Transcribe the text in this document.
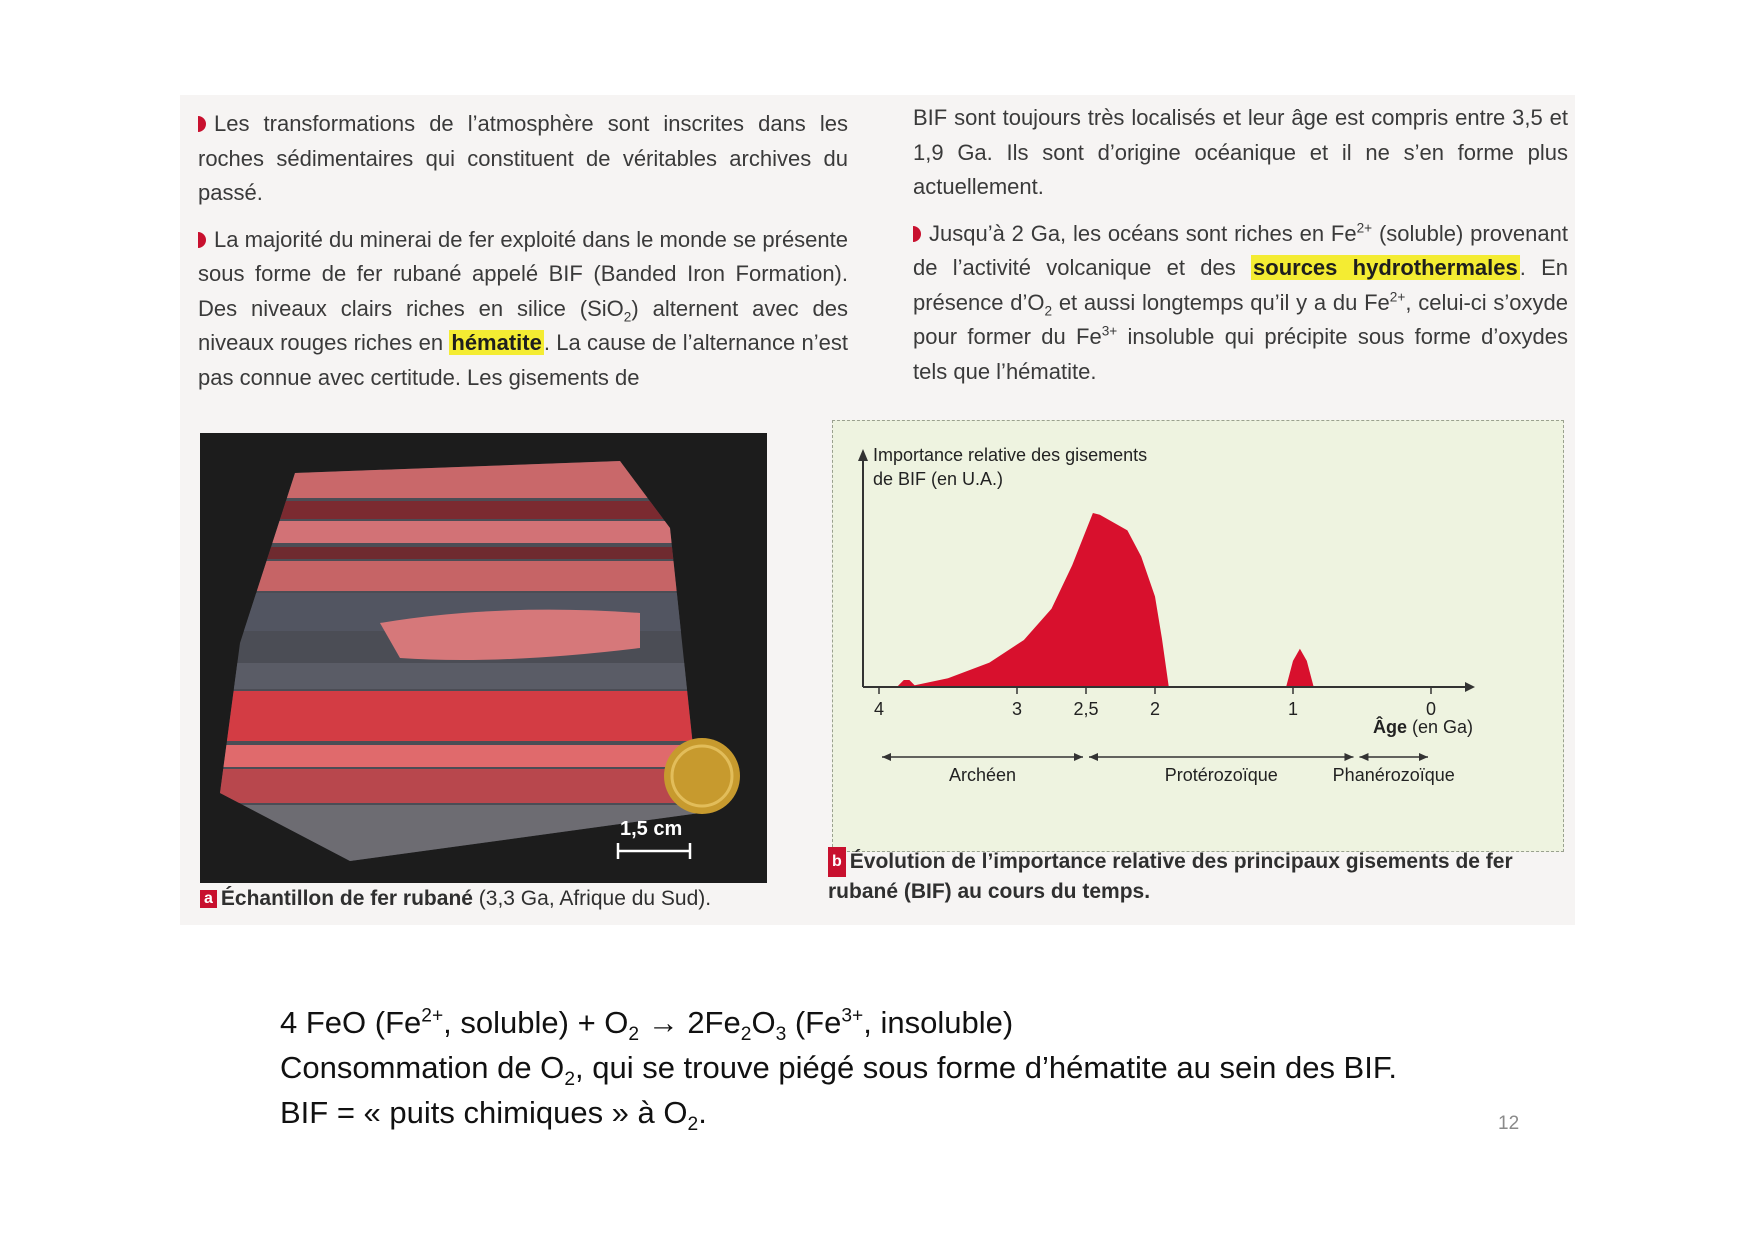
Les transformations de l’atmosphère sont inscrites dans les roches sédimentaires qui constituent de véritables archives du passé.

La majorité du minerai de fer exploité dans le monde se présente sous forme de fer rubané appelé BIF (Banded Iron Formation). Des niveaux clairs riches en silice (SiO$_2$) alternent avec des niveaux rouges riches en hématite. La cause de l’alternance n’est pas connue avec certitude. Les gisements de

BIF sont toujours très localisés et leur âge est compris entre 3,5 et 1,9 Ga. Ils sont d’origine océanique et il ne s’en forme plus actuellement.

Jusqu’à 2 Ga, les océans sont riches en $Fe^{2+}$ (soluble) provenant de l’activité volcanique et des sources hydrothermales. En présence $d’O_2$ et aussi longtemps qu’il y a du $Fe^{2+}$, celui-ci s’oxyde pour former du $Fe^{3+}$ insoluble qui précipite sous forme d’oxydes tels que l’hématite.

1,5 cm
a Échantillon de fer rubané (3,3 Ga, Afrique du Sud).
Importance relative des gisements
de BIF (en U.A.)
4	3	2,5	2	1	0
Âge (en Ga)
Archéen	Protérozoïque	Phanérozoïque
b Évolution de l’importance relative des principaux gisements de fer rubané (BIF) au cours du temps.
4 FeO ($Fe^{2+}$, soluble) + $O_2 \to 2Fe_2O_3$ ($Fe^{3+}$, insoluble)
Consommation de $O_2$, qui se trouve piégé sous forme d’hématite au sein des BIF.
BIF = « puits chimiques » à $O_2$.	12
